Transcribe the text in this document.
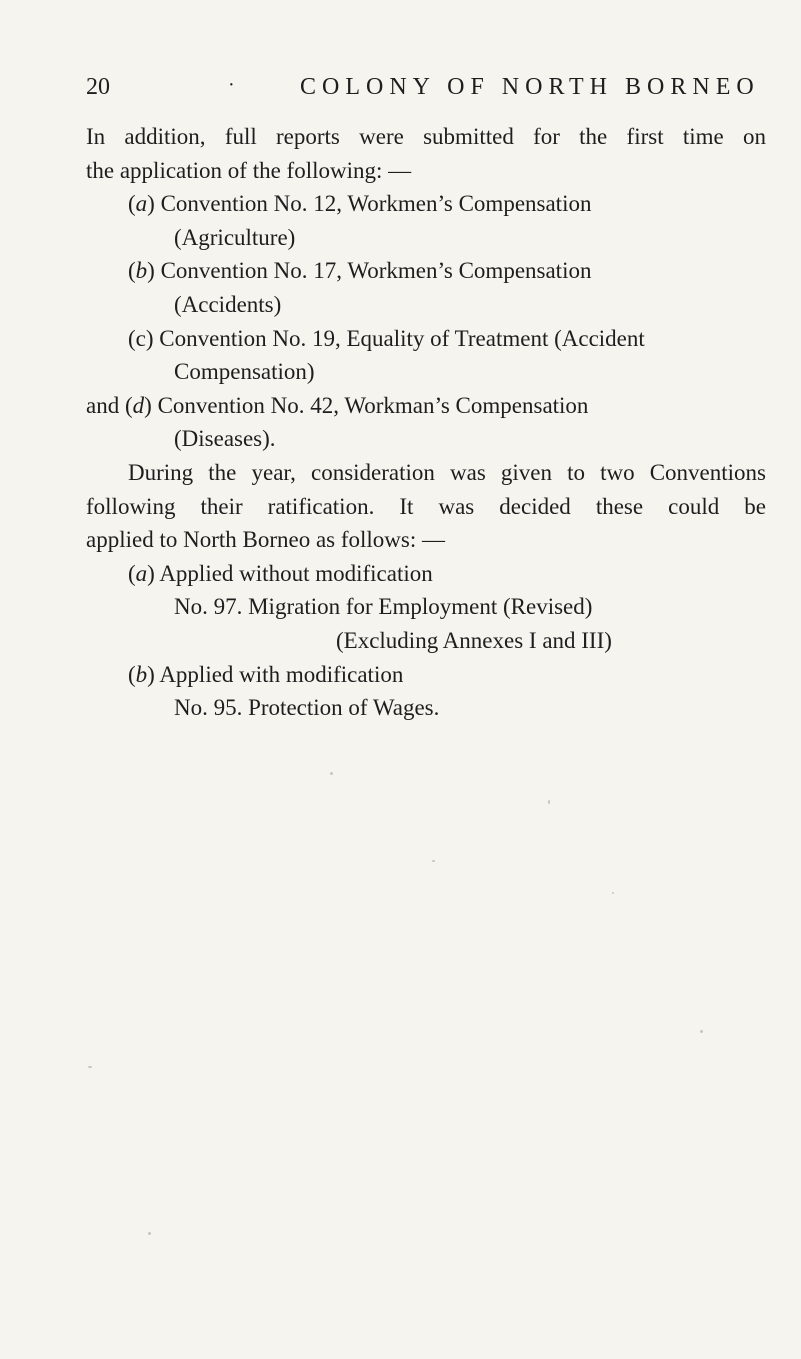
20	·	COLONY OF NORTH BORNEO
In addition, full reports were submitted for the first time on
the application of the following: —
(a) Convention No. 12, Workmen’s Compensation
(Agriculture)
(b) Convention No. 17, Workmen’s Compensation
(Accidents)
(c) Convention No. 19, Equality of Treatment (Accident
Compensation)
and (d) Convention No. 42, Workman’s Compensation
(Diseases).
During the year, consideration was given to two Conventions
following their ratification. It was decided these could be
applied to North Borneo as follows: —
(a) Applied without modification
No. 97. Migration for Employment (Revised)
(Excluding Annexes I and III)
(b) Applied with modification
No. 95. Protection of Wages.
